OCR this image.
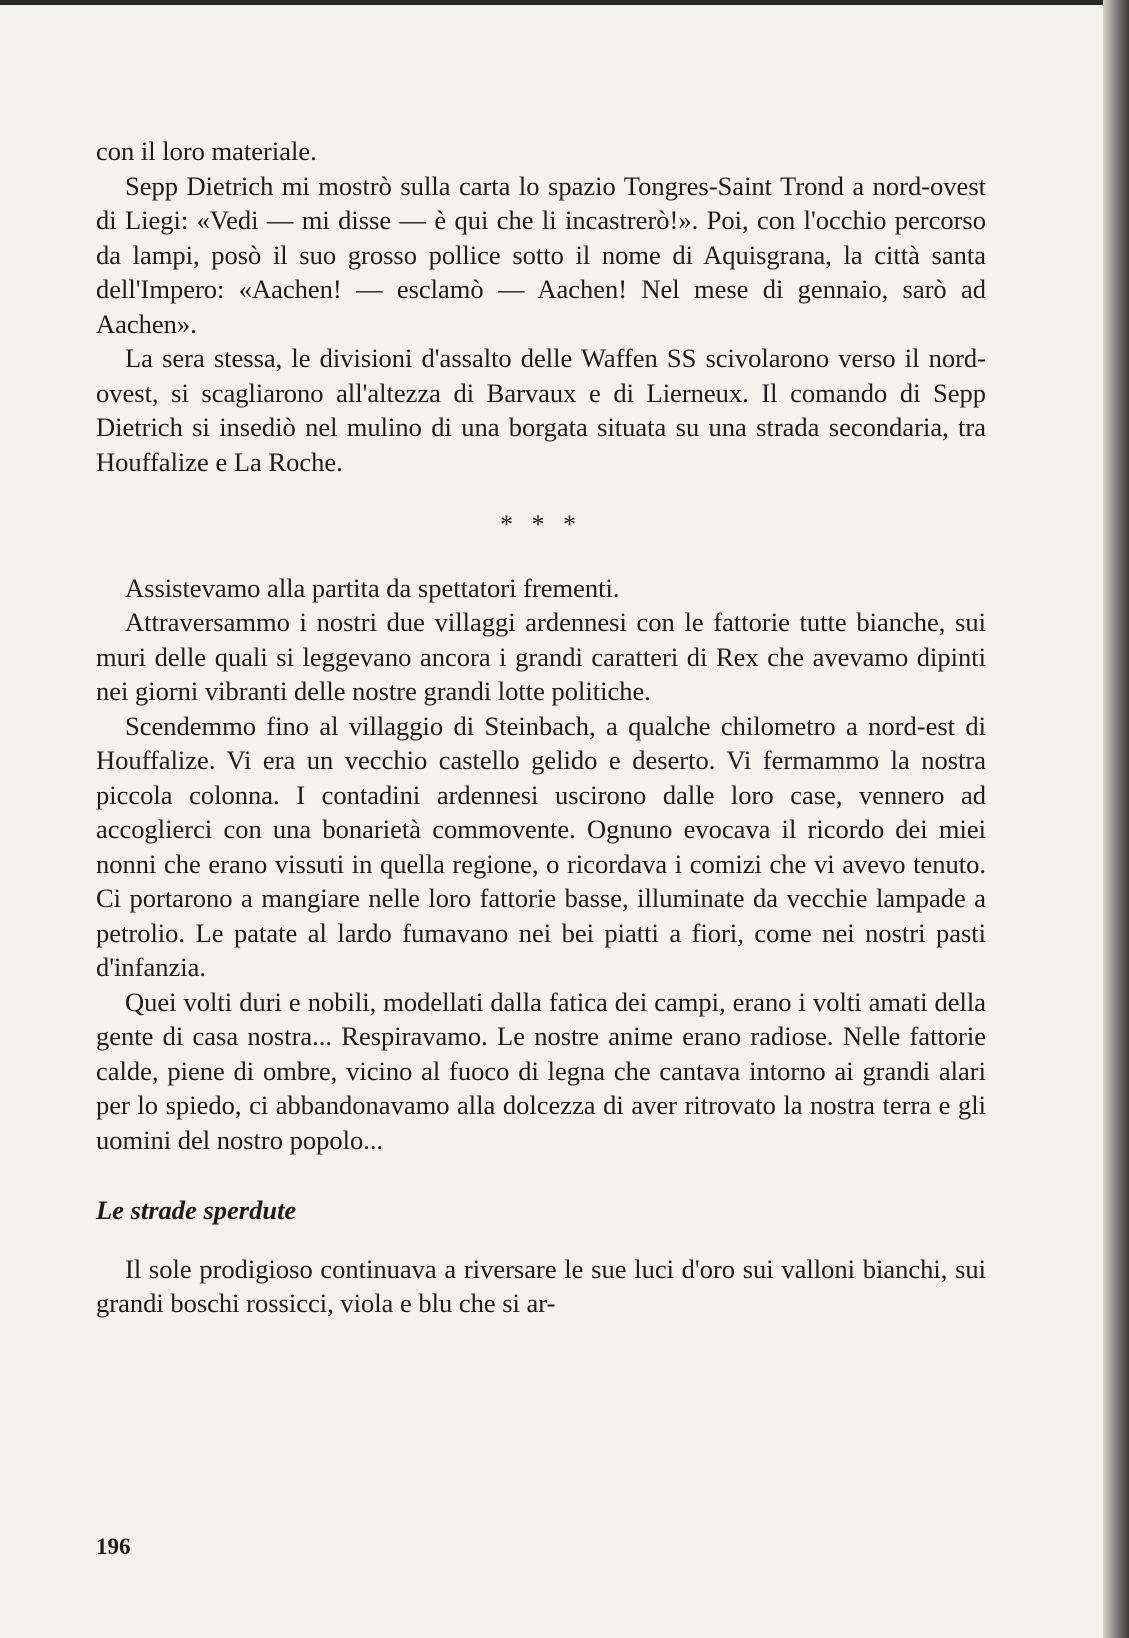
con il loro materiale.

Sepp Dietrich mi mostrò sulla carta lo spazio Tongres-Saint Trond a nord-ovest di Liegi: «Vedi — mi disse — è qui che li incastrerò!». Poi, con l'occhio percorso da lampi, posò il suo grosso pollice sotto il nome di Aquisgrana, la città santa dell'Impero: «Aachen! — esclamò — Aachen! Nel mese di gennaio, sarò ad Aachen».

La sera stessa, le divisioni d'assalto delle Waffen SS scivolarono verso il nord-ovest, si scagliarono all'altezza di Barvaux e di Lierneux. Il comando di Sepp Dietrich si insediò nel mulino di una borgata situata su una strada secondaria, tra Houffalize e La Roche.

* * *

Assistevamo alla partita da spettatori frementi.

Attraversammo i nostri due villaggi ardennesi con le fattorie tutte bianche, sui muri delle quali si leggevano ancora i grandi caratteri di Rex che avevamo dipinti nei giorni vibranti delle nostre grandi lotte politiche.

Scendemmo fino al villaggio di Steinbach, a qualche chilometro a nord-est di Houffalize. Vi era un vecchio castello gelido e deserto. Vi fermammo la nostra piccola colonna. I contadini ardennesi uscirono dalle loro case, vennero ad accoglierci con una bonarietà commovente. Ognuno evocava il ricordo dei miei nonni che erano vissuti in quella regione, o ricordava i comizi che vi avevo tenuto. Ci portarono a mangiare nelle loro fattorie basse, illuminate da vecchie lampade a petrolio. Le patate al lardo fumavano nei bei piatti a fiori, come nei nostri pasti d'infanzia.

Quei volti duri e nobili, modellati dalla fatica dei campi, erano i volti amati della gente di casa nostra... Respiravamo. Le nostre anime erano radiose. Nelle fattorie calde, piene di ombre, vicino al fuoco di legna che cantava intorno ai grandi alari per lo spiedo, ci abbandonavamo alla dolcezza di aver ritrovato la nostra terra e gli uomini del nostro popolo...

Le strade sperdute

Il sole prodigioso continuava a riversare le sue luci d'oro sui valloni bianchi, sui grandi boschi rossicci, viola e blu che si ar-

196
